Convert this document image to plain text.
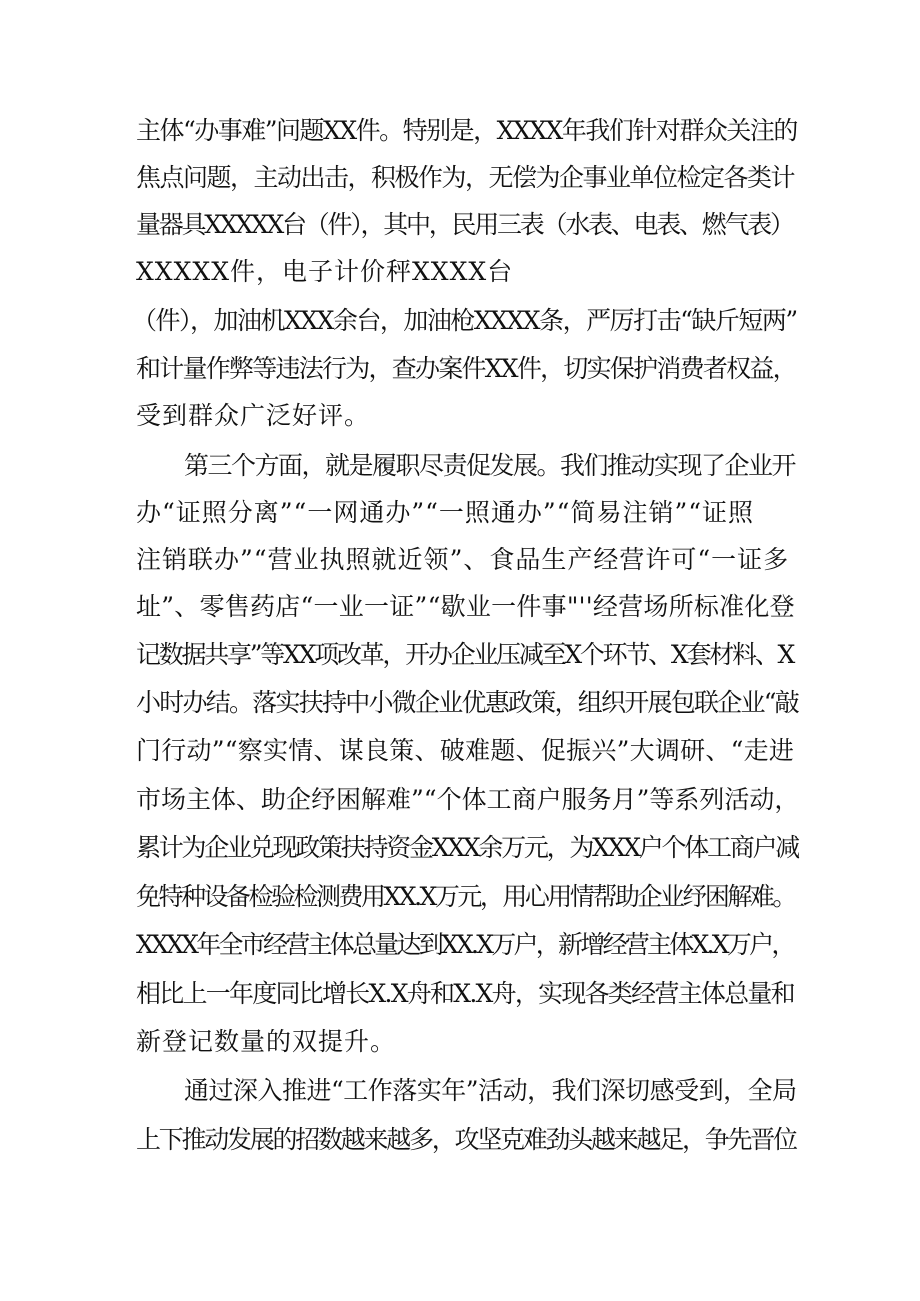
主体“办事难”问题XX件。特别是，XXXX年我们针对群众关注的

焦点问题，主动出击，积极作为，无偿为企事业单位检定各类计

量器具XXXXX台（件），其中，民用三表（水表、电表、燃气表）

XXXXX件，电子计价秤XXXX台

（件），加油机XXX余台，加油枪XXXX条，严厉打击“缺斤短两”

和计量作弊等违法行为，查办案件XX件，切实保护消费者权益，

受到群众广泛好评。

第三个方面，就是履职尽责促发展。我们推动实现了企业开

办“证照分离”“一网通办”“一照通办”“简易注销”“证照

注销联办”“营业执照就近领”、食品生产经营许可“一证多

址”、零售药店“一业一证”“歇业一件事"''经营场所标准化登

记数据共享”等XX项改革，开办企业压减至X个环节、X套材料、X

小时办结。落实扶持中小微企业优惠政策，组织开展包联企业“敲

门行动”“察实情、谋良策、破难题、促振兴”大调研、“走进

市场主体、助企纾困解难”“个体工商户服务月”等系列活动，

累计为企业兑现政策扶持资金XXX余万元，为XXX户个体工商户减

免特种设备检验检测费用XX.X万元，用心用情帮助企业纾困解难。

XXXX年全市经营主体总量达到XX.X万户，新增经营主体X.X万户，

相比上一年度同比增长X.X舟和X.X舟，实现各类经营主体总量和

新登记数量的双提升。

通过深入推进“工作落实年”活动，我们深切感受到，全局

上下推动发展的招数越来越多，攻坚克难劲头越来越足，争先晋位
